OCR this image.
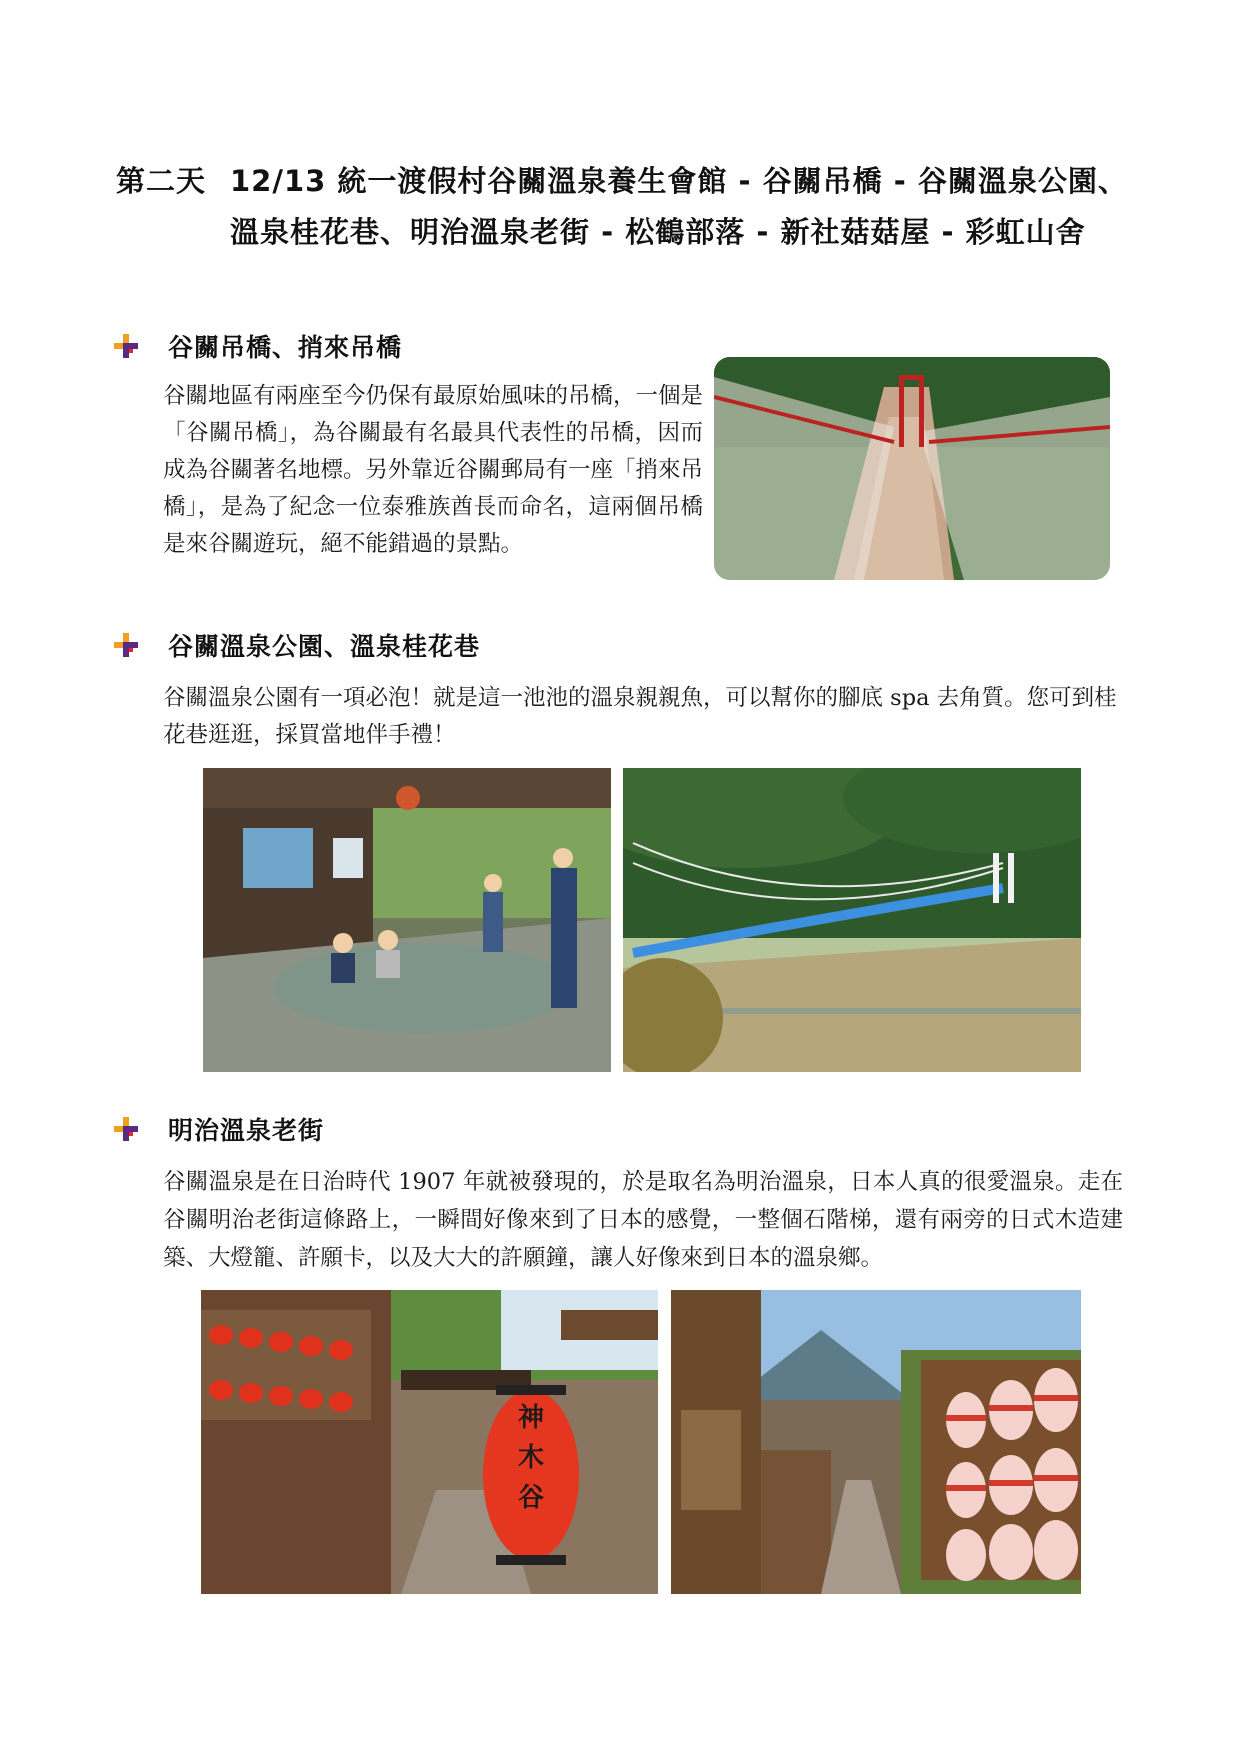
第二天 12/13 統一渡假村谷關溫泉養生會館 - 谷關吊橋 - 谷關溫泉公園、溫泉桂花巷、明治溫泉老街 - 松鶴部落 - 新社菇菇屋 - 彩虹山舍
谷關吊橋、捎來吊橋

谷關地區有兩座至今仍保有最原始風味的吊橋，一個是「谷關吊橋」，為谷關最有名最具代表性的吊橋，因而成為谷關著名地標。另外靠近谷關郵局有一座「捎來吊橋」，是為了紀念一位泰雅族酋長而命名，這兩個吊橋是來谷關遊玩，絕不能錯過的景點。

谷關溫泉公園、溫泉桂花巷

谷關溫泉公園有一項必泡！就是這一池池的溫泉親親魚，可以幫你的腳底 spa 去角質。您可到桂花巷逛逛，採買當地伴手禮！

明治溫泉老街

谷關溫泉是在日治時代 1907 年就被發現的，於是取名為明治溫泉，日本人真的很愛溫泉。走在谷關明治老街這條路上，一瞬間好像來到了日本的感覺，一整個石階梯，還有兩旁的日式木造建築、大燈籠、許願卡，以及大大的許願鐘，讓人好像來到日本的溫泉鄉。

神木谷
